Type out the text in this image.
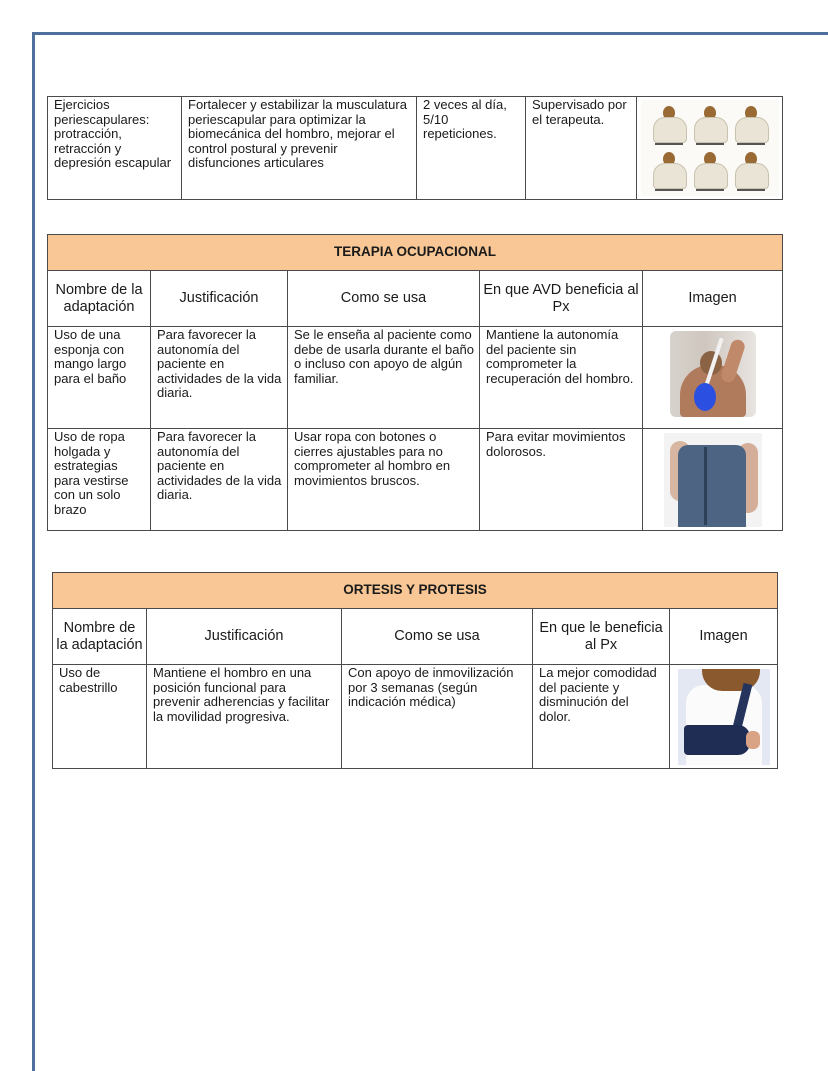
Ejercicios periescapulares: protracción, retracción y depresión escapular	Fortalecer y estabilizar la musculatura periescapular para optimizar la biomecánica del hombro, mejorar el control postural y prevenir disfunciones articulares	2 veces al día, 5/10 repeticiones.	Supervisado por el terapeuta.	
TERAPIA OCUPACIONAL				
Nombre de la adaptación	Justificación	Como se usa	En que AVD beneficia al Px	Imagen
Uso de una esponja con mango largo para el baño	Para favorecer la autonomía del paciente en actividades de la vida diaria.	Se le enseña al paciente como debe de usarla durante el baño o incluso con apoyo de algún familiar.	Mantiene la autonomía del paciente sin comprometer la recuperación del hombro.	

Uso de ropa holgada y estrategias para vestirse con un solo brazo	Para favorecer la autonomía del paciente en actividades de la vida diaria.	Usar ropa con botones o cierres ajustables para no comprometer al hombro en movimientos bruscos.	Para evitar movimientos dolorosos.	
ORTESIS Y PROTESIS				
Nombre de la adaptación	Justificación	Como se usa	En que le beneficia al Px	Imagen
Uso de cabestrillo	Mantiene el hombro en una posición funcional para prevenir adherencias y facilitar la movilidad progresiva.	Con apoyo de inmovilización por 3 semanas (según indicación médica)	La mejor comodidad del paciente y disminución del dolor.	
